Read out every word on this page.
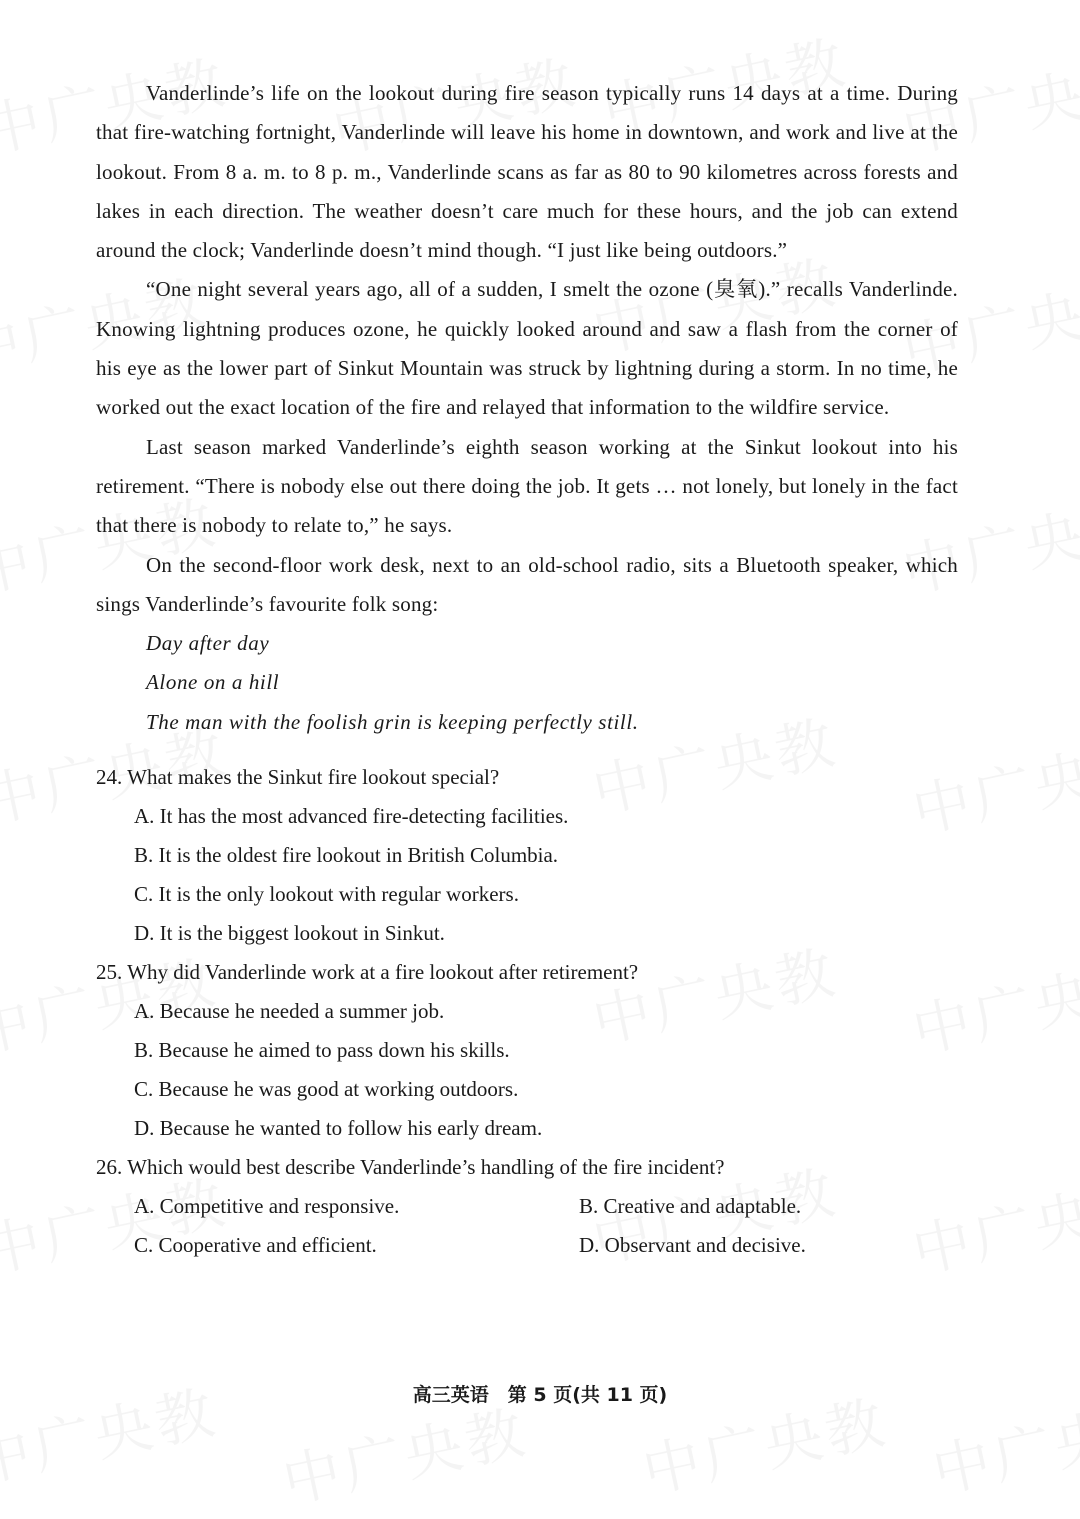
Vanderlinde’s life on the lookout during fire season typically runs 14 days at a time. During that fire-watching fortnight, Vanderlinde will leave his home in downtown, and work and live at the lookout. From 8 a. m. to 8 p. m., Vanderlinde scans as far as 80 to 90 kilometres across forests and lakes in each direction. The weather doesn’t care much for these hours, and the job can extend around the clock; Vanderlinde doesn’t mind though. “I just like being outdoors.”

“One night several years ago, all of a sudden, I smelt the ozone (臭氧).” recalls Vanderlinde. Knowing lightning produces ozone, he quickly looked around and saw a flash from the corner of his eye as the lower part of Sinkut Mountain was struck by lightning during a storm. In no time, he worked out the exact location of the fire and relayed that information to the wildfire service.

Last season marked Vanderlinde’s eighth season working at the Sinkut lookout into his retirement. “There is nobody else out there doing the job. It gets … not lonely, but lonely in the fact that there is nobody to relate to,” he says.

On the second-floor work desk, next to an old-school radio, sits a Bluetooth speaker, which sings Vanderlinde’s favourite folk song:

Day after day
Alone on a hill
The man with the foolish grin is keeping perfectly still.
24. What makes the Sinkut fire lookout special?
A. It has the most advanced fire-detecting facilities.
B. It is the oldest fire lookout in British Columbia.
C. It is the only lookout with regular workers.
D. It is the biggest lookout in Sinkut.
25. Why did Vanderlinde work at a fire lookout after retirement?
A. Because he needed a summer job.
B. Because he aimed to pass down his skills.
C. Because he was good at working outdoors.
D. Because he wanted to follow his early dream.
26. Which would best describe Vanderlinde’s handling of the fire incident?
A. Competitive and responsive.	B. Creative and adaptable.
C. Cooperative and efficient.	D. Observant and decisive.
高三英语　第 5 页(共 11 页)
